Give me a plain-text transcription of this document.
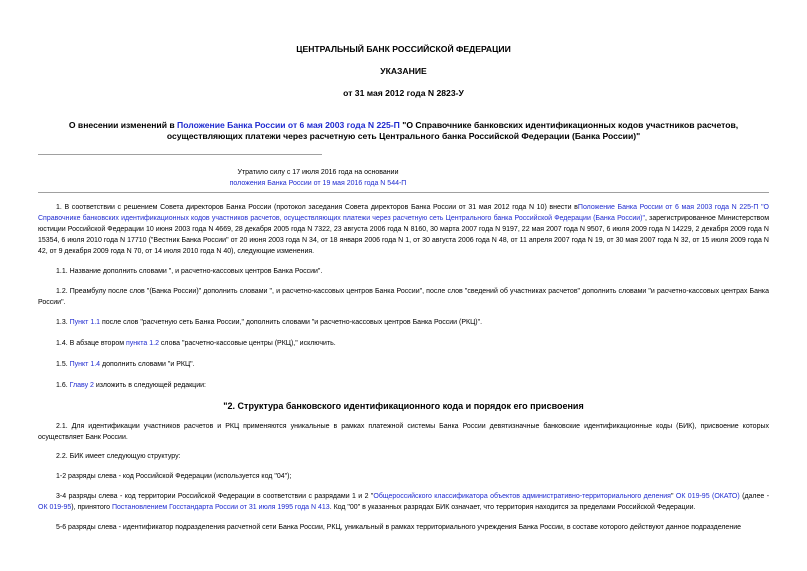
ЦЕНТРАЛЬНЫЙ БАНК РОССИЙСКОЙ ФЕДЕРАЦИИ
УКАЗАНИЕ
от 31 мая 2012 года N 2823-У
О внесении изменений в Положение Банка России от 6 мая 2003 года N 225-П "О Справочнике банковских идентификационных кодов участников расчетов, осуществляющих платежи через расчетную сеть Центрального банка Российской Федерации (Банка России)"
Утратило силу с 17 июля 2016 года на основании
положения Банка России от 19 мая 2016 года N 544-П
1. В соответствии с решением Совета директоров Банка России (протокол заседания Совета директоров Банка России от 31 мая 2012 года N 10) внести вПоложение Банка России от 6 мая 2003 года N 225-П "О Справочнике банковских идентификационных кодов участников расчетов, осуществляющих платежи через расчетную сеть Центрального банка Российской Федерации (Банка России)", зарегистрированное Министерством юстиции Российской Федерации 10 июня 2003 года N 4669, 28 декабря 2005 года N 7322, 23 августа 2006 года N 8160, 30 марта 2007 года N 9197, 22 мая 2007 года N 9507, 6 июля 2009 года N 14229, 2 декабря 2009 года N 15354, 6 июля 2010 года N 17710 ("Вестник Банка России" от 20 июня 2003 года N 34, от 18 января 2006 года N 1, от 30 августа 2006 года N 48, от 11 апреля 2007 года N 19, от 30 мая 2007 года N 32, от 15 июля 2009 года N 42, от 9 декабря 2009 года N 70, от 14 июля 2010 года N 40), следующие изменения.
1.1. Название дополнить словами ", и расчетно-кассовых центров Банка России".
1.2. Преамбулу после слов "(Банка России)" дополнить словами ", и расчетно-кассовых центров Банка России", после слов "сведений об участниках расчетов" дополнить словами "и расчетно-кассовых центрах Банка России".
1.3. Пункт 1.1 после слов "расчетную сеть Банка России," дополнить словами "и расчетно-кассовых центров Банка России (РКЦ)".
1.4. В абзаце втором пункта 1.2 слова "расчетно-кассовые центры (РКЦ)," исключить.
1.5. Пункт 1.4 дополнить словами "и РКЦ".
1.6. Главу 2 изложить в следующей редакции:
"2. Структура банковского идентификационного кода и порядок его присвоения
2.1. Для идентификации участников расчетов и РКЦ применяются уникальные в рамках платежной системы Банка России девятизначные банковские идентификационные коды (БИК), присвоение которых осуществляет Банк России.
2.2. БИК имеет следующую структуру:
1-2 разряды слева - код Российской Федерации (используется код "04");
3-4 разряды слева - код территории Российской Федерации в соответствии с разрядами 1 и 2 "Общероссийского классификатора объектов административно-территориального деления" ОК 019-95 (ОКАТО) (далее - ОК 019-95), принятого Постановлением Госстандарта России от 31 июля 1995 года N 413. Код "00" в указанных разрядах БИК означает, что территория находится за пределами Российской Федерации.
5-6 разряды слева - идентификатор подразделения расчетной сети Банка России, РКЦ, уникальный в рамках территориального учреждения Банка России, в составе которого действуют данное подразделение
